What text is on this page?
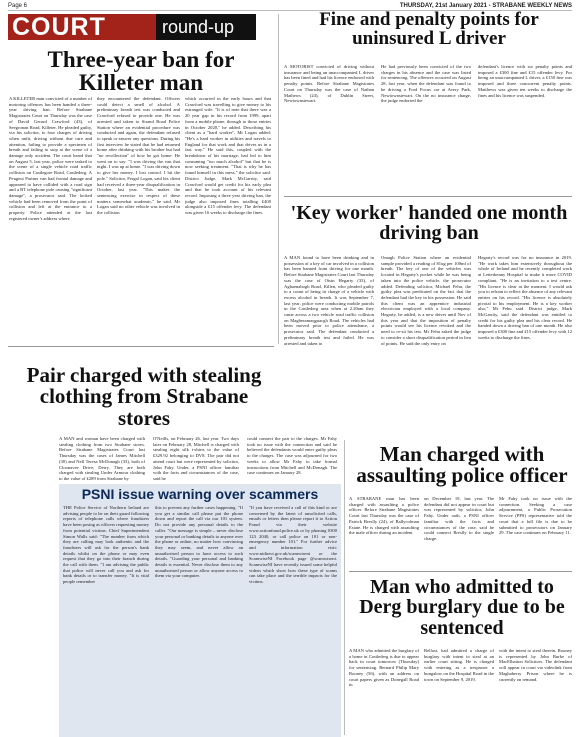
Page 6	THURSDAY, 21st January 2021 - STRABANE WEEKLY NEWS
COURT	round-up
Three-year ban for Killeter man
A KILLETER man convicted of a number of motoring offences has been handed a three-year driving ban. Before Strabane Magistrates Court on Thursday was the case of David Gerard Crawford (43), of Seegronan Road, Killeter. He pleaded guilty, via his solicitor, to four charges of driving when unfit, driving without due care and attention, failing to provide a specimen of breath and failing to stop at the scene of a damage only accident. The court heard that on August 5, last year, police were tasked to the scene of a single vehicle road traffic collision on Castlegore Road, Castlederg. A Peugeot Partner van had frontal damage and appeared to have collided with a road sign and a BT telephone pole causing "significant damage", a prosecutor said. The locked vehicle had been removed from the point of collision and left at the entrance to a property. Police attended at the last registered owner's address where
they encountered the defendant. Officers could detect a smell of alcohol. A preliminary breath test was conducted and Crawford refused to provide one. He was arrested and taken to Strand Road Police Station where an evidential procedure was conducted and again, the defendant refused to speak or answer any questions. During his first interview he stated that he had returned home after drinking with his brother but had "no recollection" of how he got home. He went on to say: "I was driving the van that night. I was up at home. "I was driving down to give her money. I lost control. I hit the pole." Solicitor, Fergal Logan, said his client had received a three-year disqualification in October, last year. "This makes the sentencing exercise in respect of these matters somewhat academic," he said. Mr Logan said no other vehicle was involved in the collision
which occurred in the early hours and that Crawford was travelling to give money to his estranged wife. "It is of note that there was a 20 year gap in his record from 1999, apart from a mobile phone, through to those entries in October 2020," he added. Describing his client as a "hard worker", Mr Logan added: "He's a hard worker in utilities and travels to England for that work and that drives us in a fast way." He said this, coupled with the breakdown of his marriage, had led to him consuming "too much alcohol" but that he is now seeking treatment. "That is why he has found himself in this mess," the solicitor said. District Judge, Mark McGarrity, said Crawford would get credit for his early plea and that he took account of his relevant record. Imposing a three year driving ban, the judge also imposed fines totalling £400 alongside a £15 offender levy. The defendant was given 16 weeks to discharge the fines.
Fine and penalty points for uninsured L driver
A MOTORIST convicted of driving without insurance and being an unaccompanied L driver has been fined and had his licence endorsed with penalty points. Before Strabane Magistrates Court on Thursday was the case of Nathan Mathews (24), of Dublin Street, Newtownstewart.
He had previously been convicted of the two charges in his absence and the case was listed for sentencing. The offences occurred on August 28, last year, when the defendant was found to be driving a Ford Focus car at Avery Park, Newtownstewart. On the no insurance charge, the judge endorsed the
defendant's licence with six penalty points and imposed a £300 fine and £15 offender levy. For being an unaccompanied L driver, a £150 fine was imposed and three concurrent penalty points. Matthews was given ten weeks to discharge the fines and his licence was suspended.
'Key worker' handed one month driving ban
A MAN found to have been drinking and in possession of a key of car involved in a collision has been banned from driving for one month. Before Strabane Magistrates Court last Thursday was the case of Oisin Hegarty (33), of Aghaenabogh Road, Killen, who pleaded guilty to a count of being in charge of a vehicle with excess alcohol in breath. It was September 7, last year, police were conducting mobile patrols in the Castlederg area when at 2.20am they came across a two vehicle road traffic collision on Magheramaqguacgh Road. The vehicles had been moved prior to police attendance, a prosecutor said. The defendant conducted a preliminary breath test and failed. He was arrested and taken to
Omagh Police Station where an evidential sample provided a reading of 81ug per 100ml of breath. The key of one of the vehicles was located in Hegarty's pocket while he was being taken into the police vehicle, the prosecutor added. Defending solicitor, Michael Fehu, the guilty plea was predicated on the fact that the defendant had the key in his possession. He said this client was an apprentice industrial electrician employed with a local company. Hegarty, he added, is a new driver until Nov of this year and that the imposition of penalty points would see his licence revoked and the need to re-sit his test. Mr Fehu asked the judge to consider a short disqualification period in lieu of points. He said the only entry on
Hegarty's record was for no insurance in 2019. "He work takes him extensively throughout the whole of Ireland and he recently completed work at Letterkenny Hospital to make it more COVID compliant. "He is an invitation to a test centre. "His licence is clear at the moment. I would ask you to refrain to reflect the absence of any relevant entries on his record. "His licence is absolutely pivotal to his employment. He is a key worker also," Mr Fehu said. District judge, Mark McGarrity, said the defendant was entitled to credit for his guilty plea and his clear record. He handed down a driving ban of one month. He also imposed a £300 fine and £15 offender levy with 12 weeks to discharge the fines.
Pair charged with stealing clothing from Strabane stores
A MAN and woman have been charged with stealing clothing from two Strabane stores. Before Strabane Magistrates Court last Thursday was the cases of James Mitchell (30) and Nell Teresa McDonagh (33), both of Cloonavee Drive, Derry. They are both charged with stealing Under Armour clothing to the value of £289 from Strabane by
O'Neills, on February 26, last year. Two days later on February 28, Mitchell is charged with stealing eight silk t-shirts to the value of £329.92 belonging to DV8. The pair did not attend court but were represented by solicitor, John Fahy. Under, a PSNI officer familiar with the facts and circumstances of the case, said he
could connect the pair to the charges. Mr Fahy took no issue with the connection and said he believed the defendants would enter guilty pleas to the charges. The case was adjourned for two weeks to allow Mr Fahy to take formal instructions from Mitchell and McDonagh. The case continues on January 28.
PSNI issue warning over scammers
THE Police Service of Northern Ireland are advising people to be on their guard following reports of telephone calls where fraudsters have been posing as officers requesting money from potential victims. Chief Superintendent Simon Walls said: "The number from which they are calling may look authentic and the fraudsters will ask for the person's bank details whilst on the phone or may even request that they go into their branch during the call with them. "I am advising the public that police will never call you and ask for bank details or to transfer money. "It is vital people remember
this to prevent any further cases happening. "If you get a similar call please put the phone down and report the call via our 101 system. Do not provide any personal details to the caller. "Our message is simple – never disclose your personal or banking details to anyone over the phone or online, no matter how convincing they may seem, and never allow an unauthorised person to have access to such details. "Guarding your personal and banking details is essential. Never disclose them to any unauthorised person or allow anyone access to them via your computer.
"If you have received a call of this kind or are concerned by the latest of unsolicited calls, emails or letters then please report it to Action Fraud via their website www.actionfraud.police.uk or by phoning 0300 123 2040, or call police on 101 or non-emergency number 101." For further advice and information visit: www.nidirect.gov.uk/scamwiseni or the ScamwiseNI Facebook page @scamwiseni. ScamwiseNI have recently issued some helpful videos which show how these type of scams can take place and the terrible impacts for the victims.
Man charged with assaulting police officer
A STRABANE man has been charged with assaulting a police officer. Before Strabane Magistrates Court last Thursday was the case of Patrick Breslly (24), of Ballycolman Estate. He is charged with assaulting the male officer during an incident
on December 19, last year. The defendant did not appear in court but was represented by solicitor, John Fahy. Under oath, a PSNI officer familiar with the facts and circumstances of the case, said he could connect Breslly to the single charge.
Mr Fahy took no issue with the connection. Seeking a case adjournment, a Public Prosecution Service (PPS) representative told the court that a full file is due to be submitted to prosecutors on January 29. The case continues on February 11.
Man who admitted to Derg burglary due to be sentenced
A MAN who admitted the burglary of a home in Castlederg is due to appear back in court tomorrow (Thursday) for sentencing. Bernard Philip Mary Rooney (56), with an address on court papers given as Donegall Road in
Belfast, had admitted a charge of burglary with intent to steal at an earlier court sitting. He is charged with entering as a trespasser a bungalow on the Hospital Road in the town on September 9, 2019,
with the intent to steal therein. Rooney is represented by John Burke of MacElhatton Solicitors. The defendant will appear in court via videolink from Maghaberry Prison where he is currently on remand.
